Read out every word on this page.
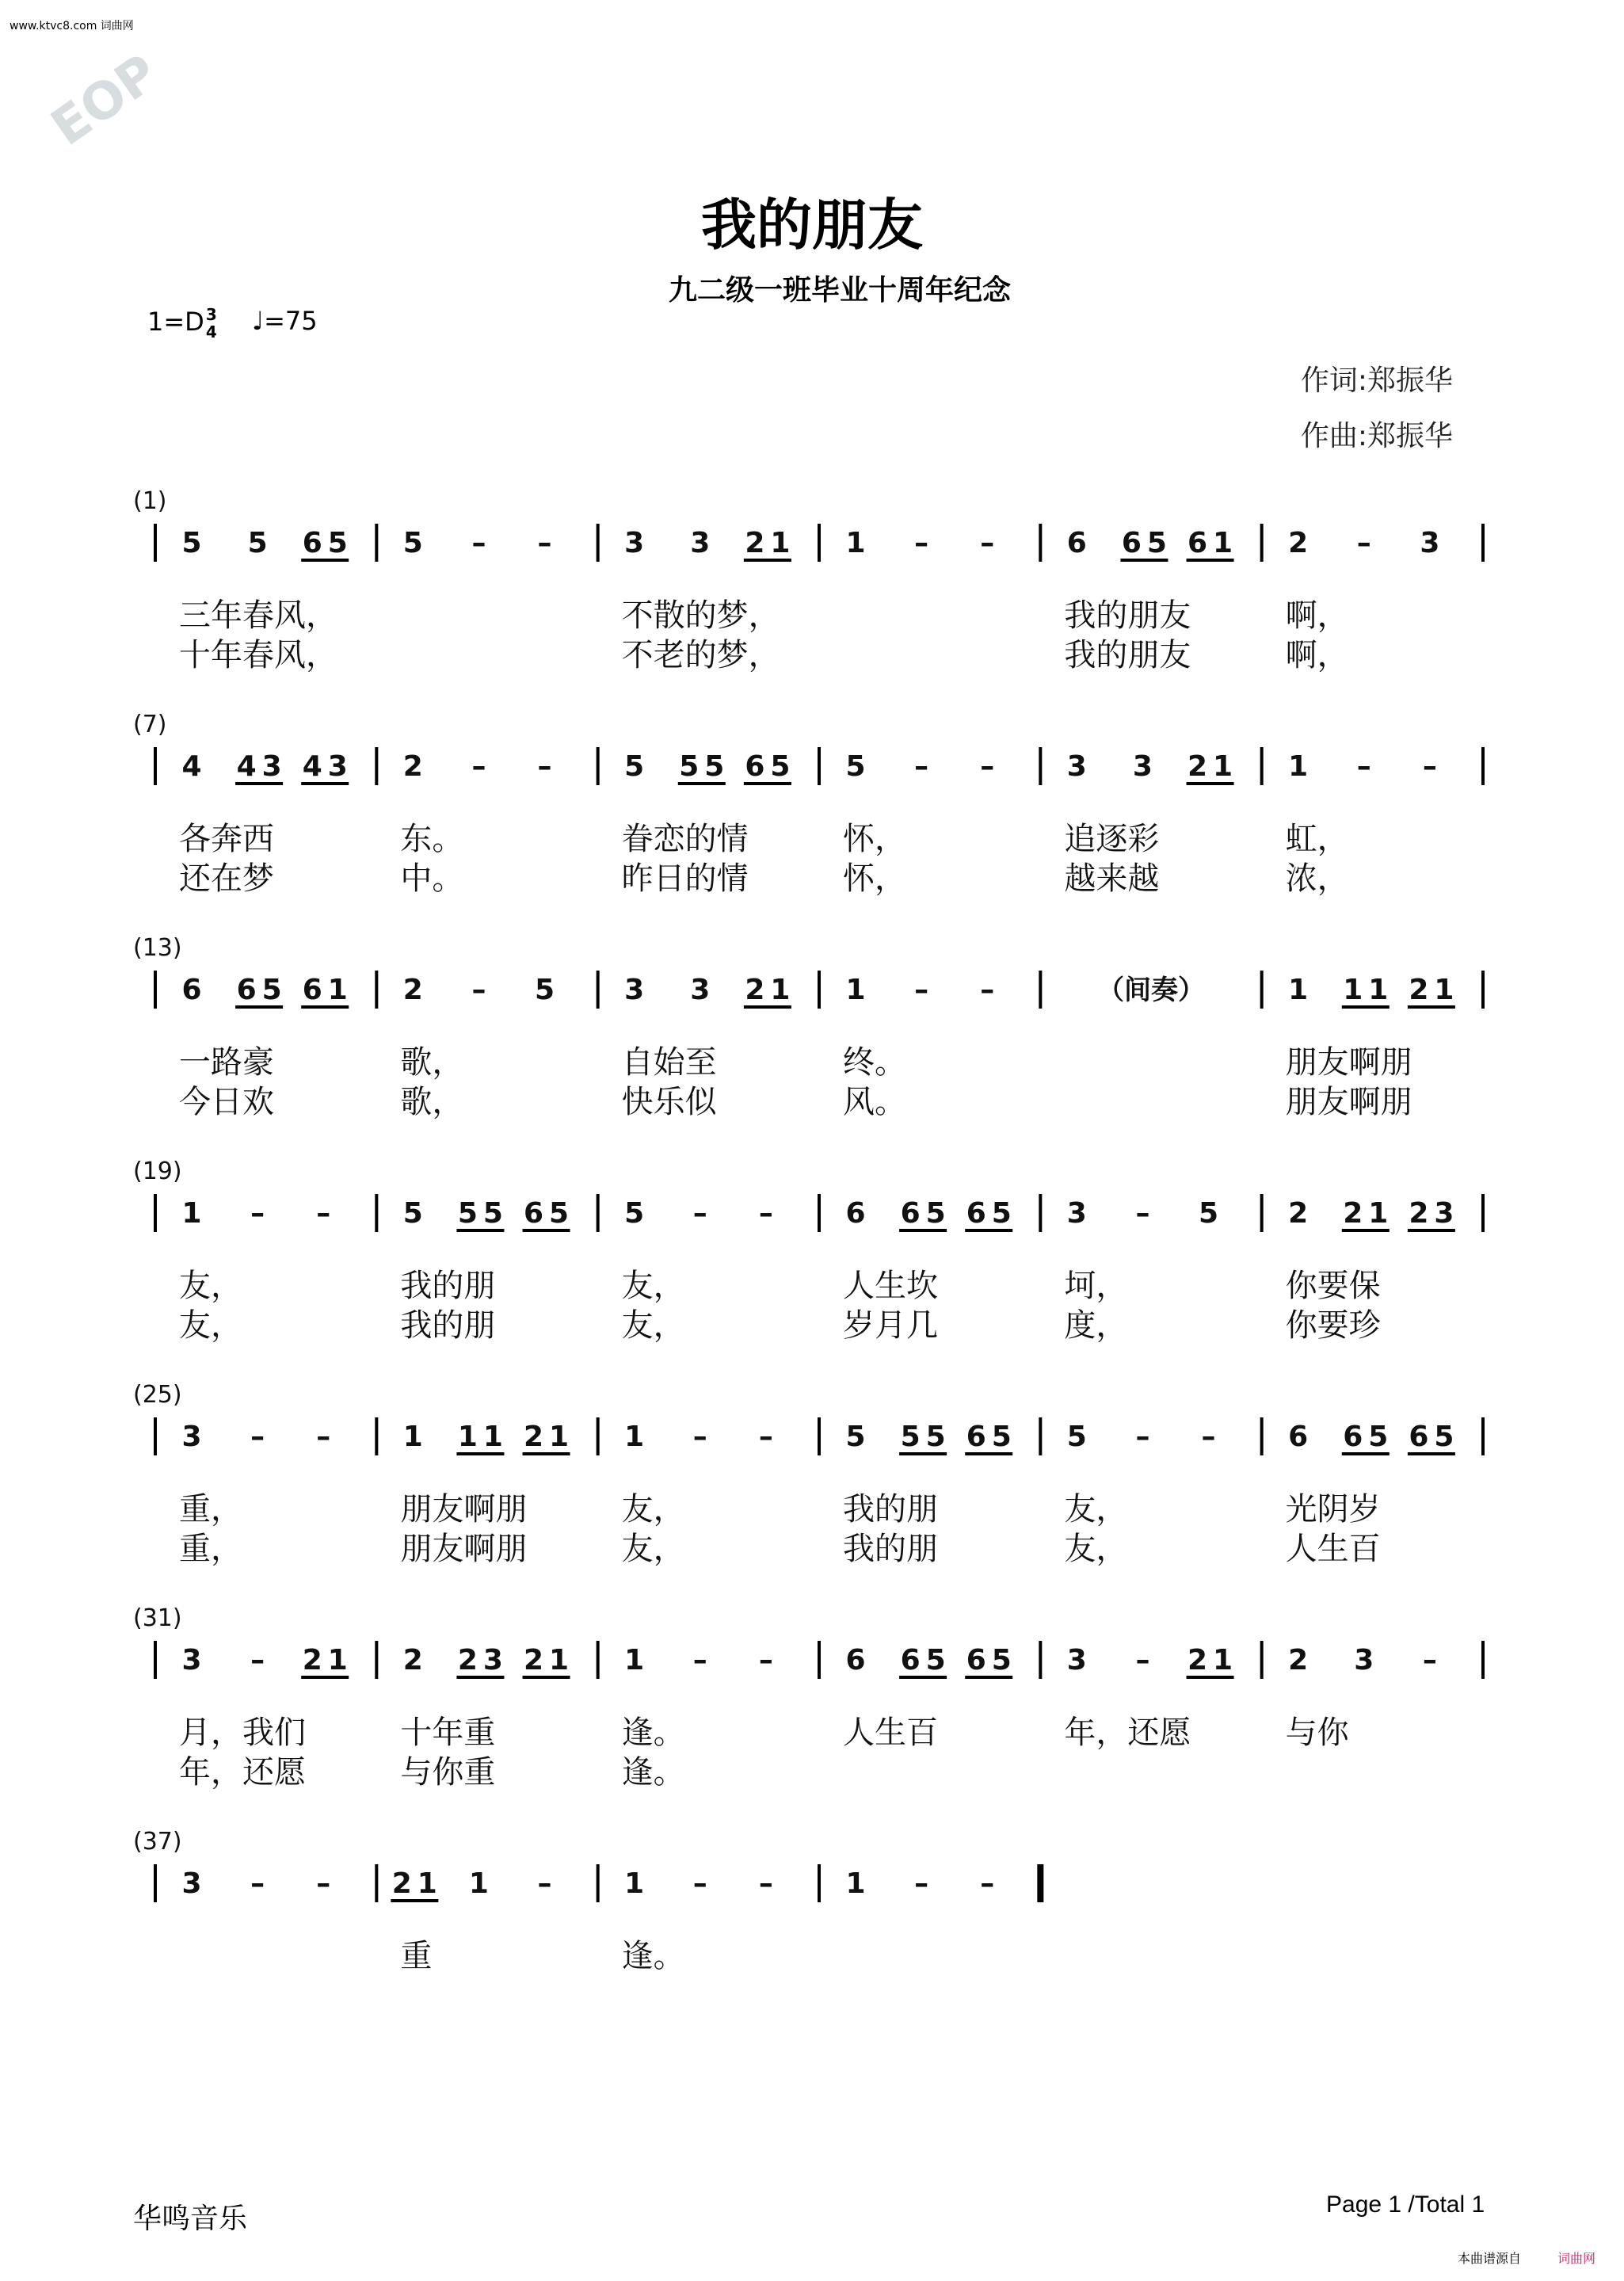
www.ktvc8.com 词曲网
EOP
我的朋友
九二级一班毕业十周年纪念
1=D 3
4 ♩=75
作词:郑振华
作曲:郑振华
(1)
5 5 6 5
三年春风，
十年春风，
5 – –	3 3 2 1
不散的梦，
不老的梦，
1 – –	6 6 5 6 1
我的朋友
我的朋友
2 – 3
啊，
啊，
(7)
4 4 3 4 3
各奔西
还在梦
2 – –
东。
中。
5 5 5 6 5
眷恋的情
昨日的情
5 – –
怀，
怀，
3 3 2 1
追逐彩
越来越
1 – –
虹，
浓，
(13)
6 6 5 6 1
一路豪
今日欢
2 – 5
歌，
歌，
3 3 2 1
自始至
快乐似
1 – –
终。
风。
（间奏）	1 1 1 2 1
朋友啊朋
朋友啊朋
(19)
1 – –
友，
友，
5 5 5 6 5
我的朋
我的朋
5 – –
友，
友，
6 6 5 6 5
人生坎
岁月几
3 – 5
坷，
度，
2 2 1 2 3
你要保
你要珍
(25)
3 – –
重，
重，
1 1 1 2 1
朋友啊朋
朋友啊朋
1 – –
友，
友，
5 5 5 6 5
我的朋
我的朋
5 – –
友，
友，
6 6 5 6 5
光阴岁
人生百
(31)
3 – 2 1
月，我们
年，还愿
2 2 3 2 1
十年重
与你重
1 – –
逢。
逢。
6 6 5 6 5
人生百
3 – 2 1
年，还愿
2 3 –
与你
(37)
3 – – 2 1 1 –
重
1 – –
逢。
1 – –
华鸣音乐	Page 1 /Total 1
本曲谱源自	词曲网
